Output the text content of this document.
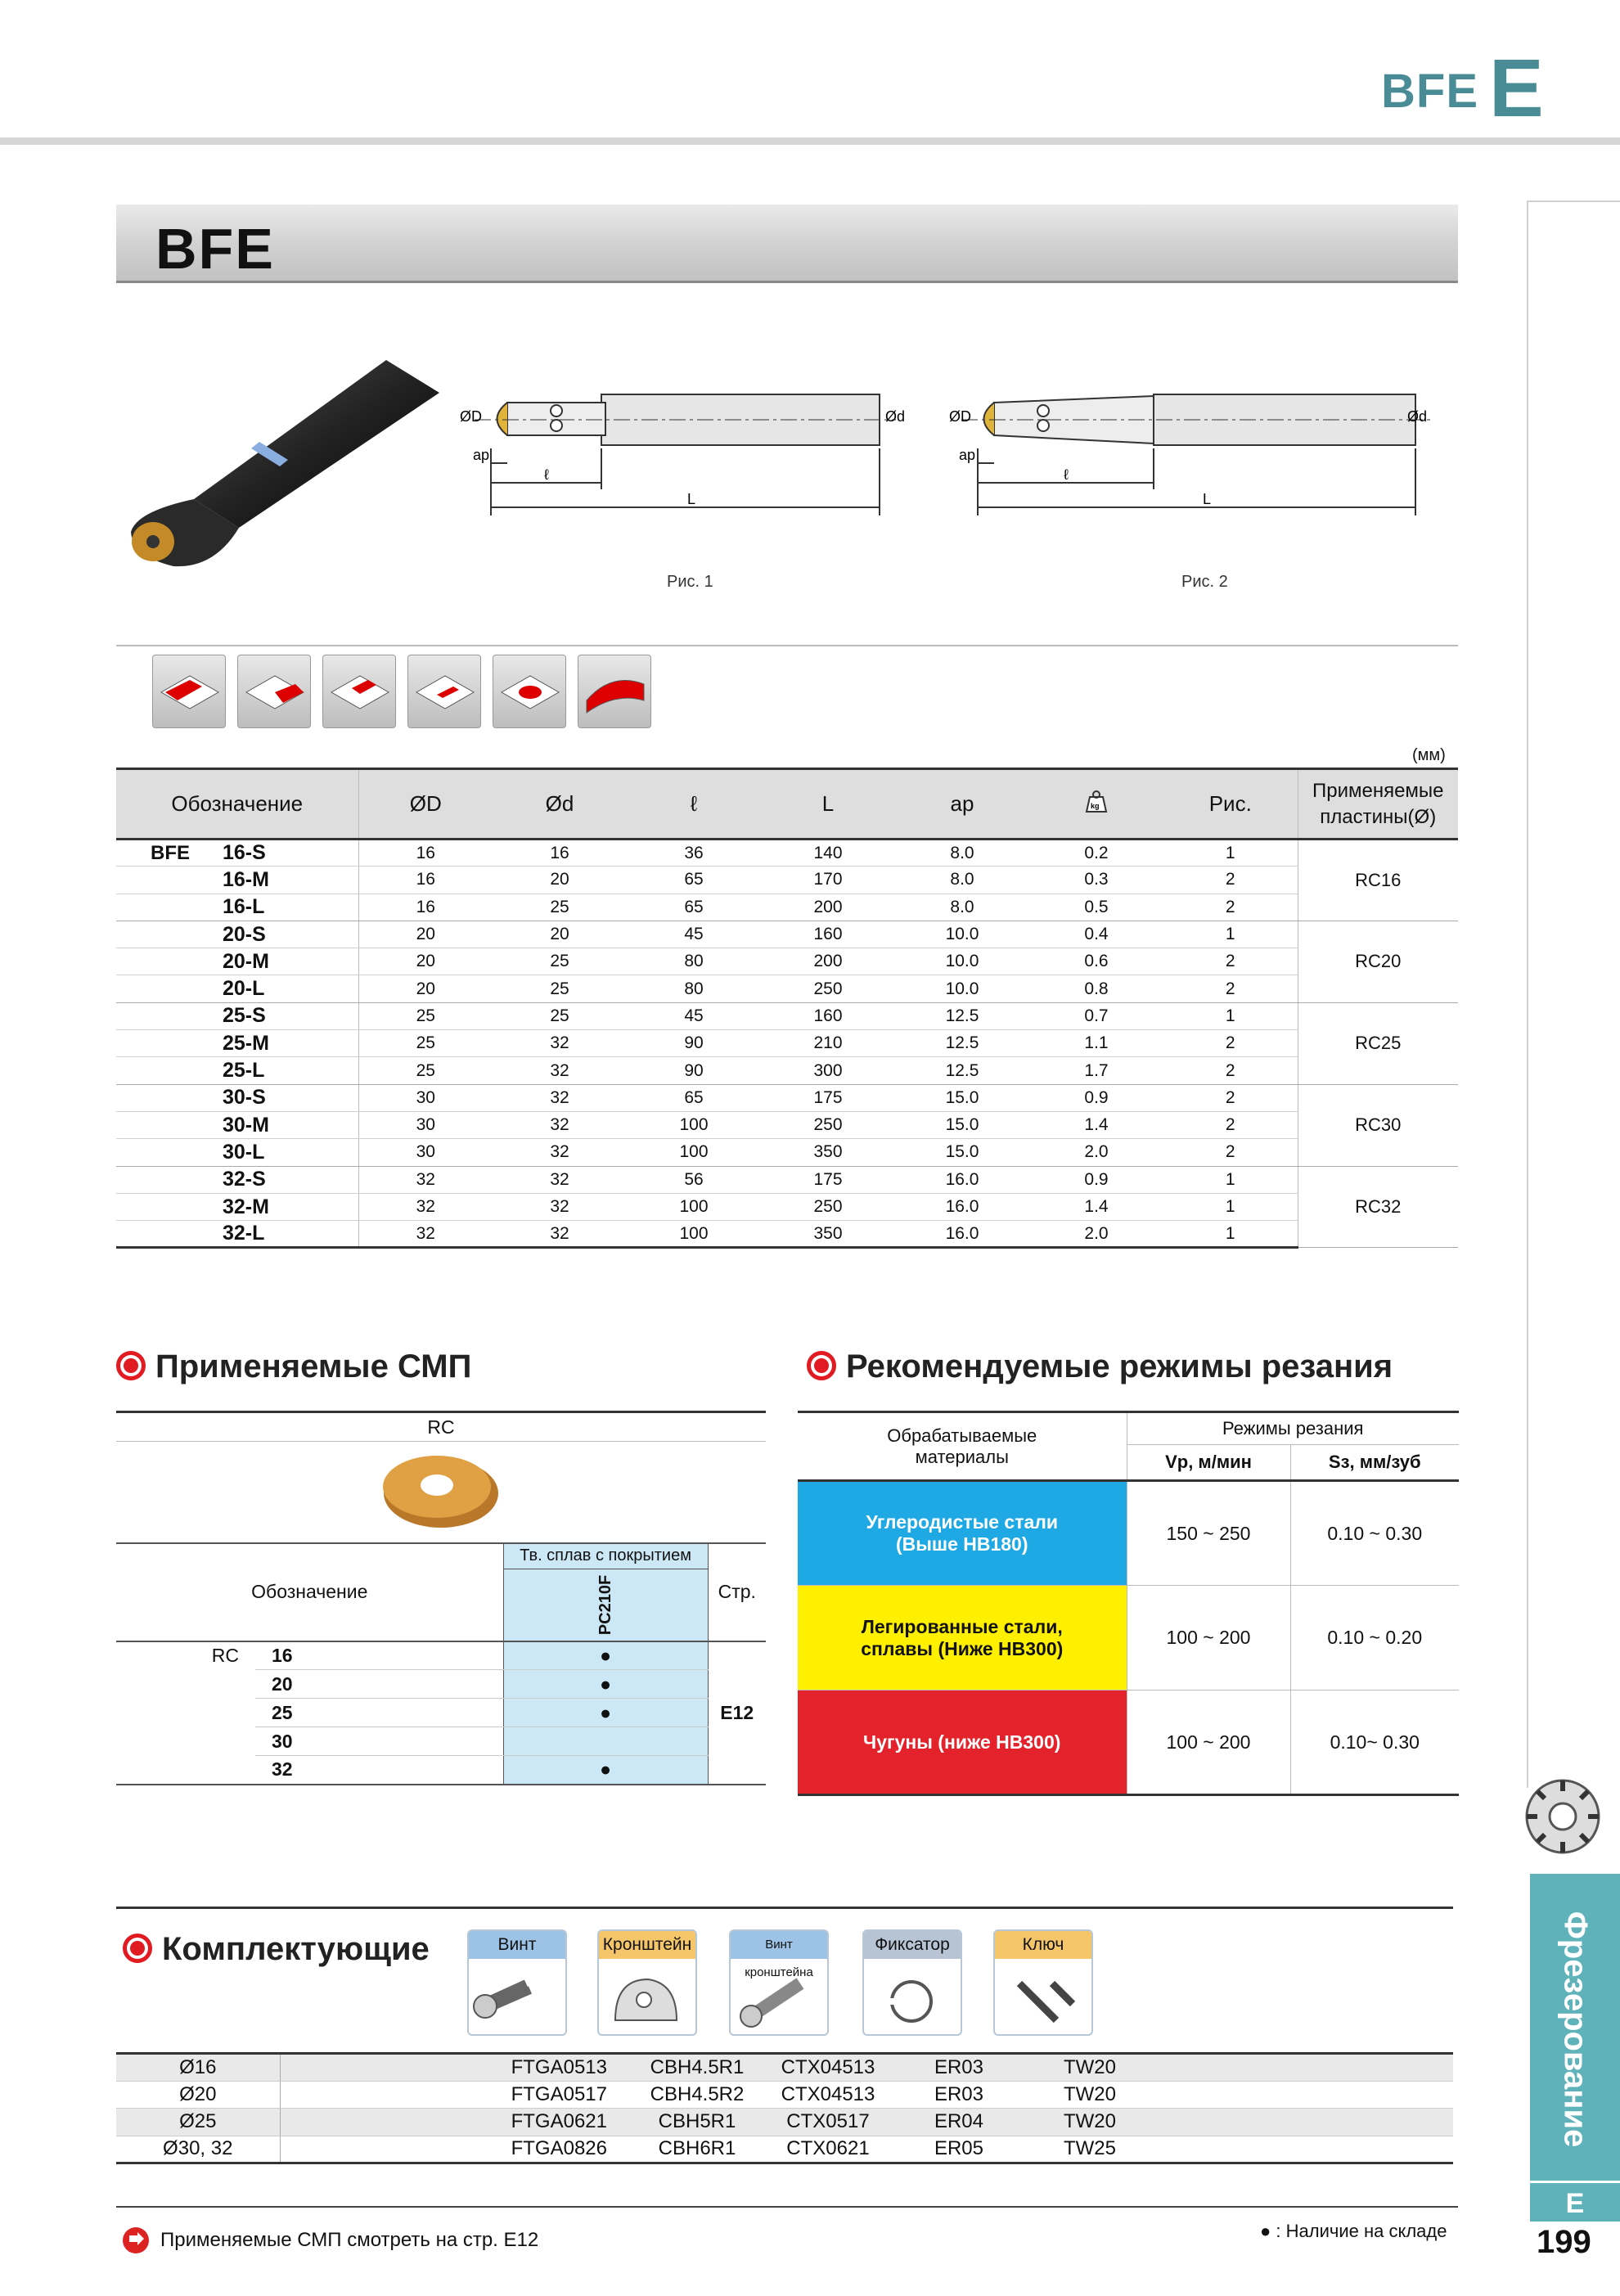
BFE E
Фрезерование
E
199
BFE
ØD	Ød
ap
ℓ
L
Рис. 1
ØD	Ød
ap
ℓ
L
Рис. 2
(мм)
Обозначение		ØD	Ød	ℓ	L	ap	kg	Рис.	Применяемые пластины(Ø)
BFE	16-S	16	16	36	140	8.0	0.2	1	RC16
	16-M	16	20	65	170	8.0	0.3	2	
	16-L	16	25	65	200	8.0	0.5	2	
	20-S	20	20	45	160	10.0	0.4	1	RC20
	20-M	20	25	80	200	10.0	0.6	2	
	20-L	20	25	80	250	10.0	0.8	2	
	25-S	25	25	45	160	12.5	0.7	1	RC25
	25-M	25	32	90	210	12.5	1.1	2	
	25-L	25	32	90	300	12.5	1.7	2	
	30-S	30	32	65	175	15.0	0.9	2	RC30
	30-M	30	32	100	250	15.0	1.4	2	
	30-L	30	32	100	350	15.0	2.0	2	
	32-S	32	32	56	175	16.0	0.9	1	RC32
	32-M	32	32	100	250	16.0	1.4	1	
	32-L	32	32	100	350	16.0	2.0	1	
Применяемые СМП
RC			

Обозначение		Тв. сплав с покрытием	Стр.

		PC210F	

RC	16	●	E12
	20	●	
	25	●	
	30		
	32	●	
Рекомендуемые режимы резания
Обрабатываемые материалы	Режимы резания	
	Vp, м/мин	Sз, мм/зуб
Углеродистые стали (Выше HB180)	150 ~ 250	0.10 ~ 0.30
Легированные стали, сплавы (Ниже HB300)	100 ~ 200	0.10 ~ 0.20
Чугуны (ниже HB300)	100 ~ 200	0.10~ 0.30
Комплектующие	Винт	Кронштейн	Винт кронштейна
Фиксатор	Ключ
Ø16	FTGA0513	CBH4.5R1	CTX04513	ER03	TW20	
Ø20	FTGA0517	CBH4.5R2	CTX04513	ER03	TW20	
Ø25	FTGA0621	CBH5R1	CTX0517	ER04	TW20	
Ø30, 32	FTGA0826	CBH6R1	CTX0621	ER05	TW25	
Применяемые СМП смотреть на стр. E12	● : Наличие на складе
